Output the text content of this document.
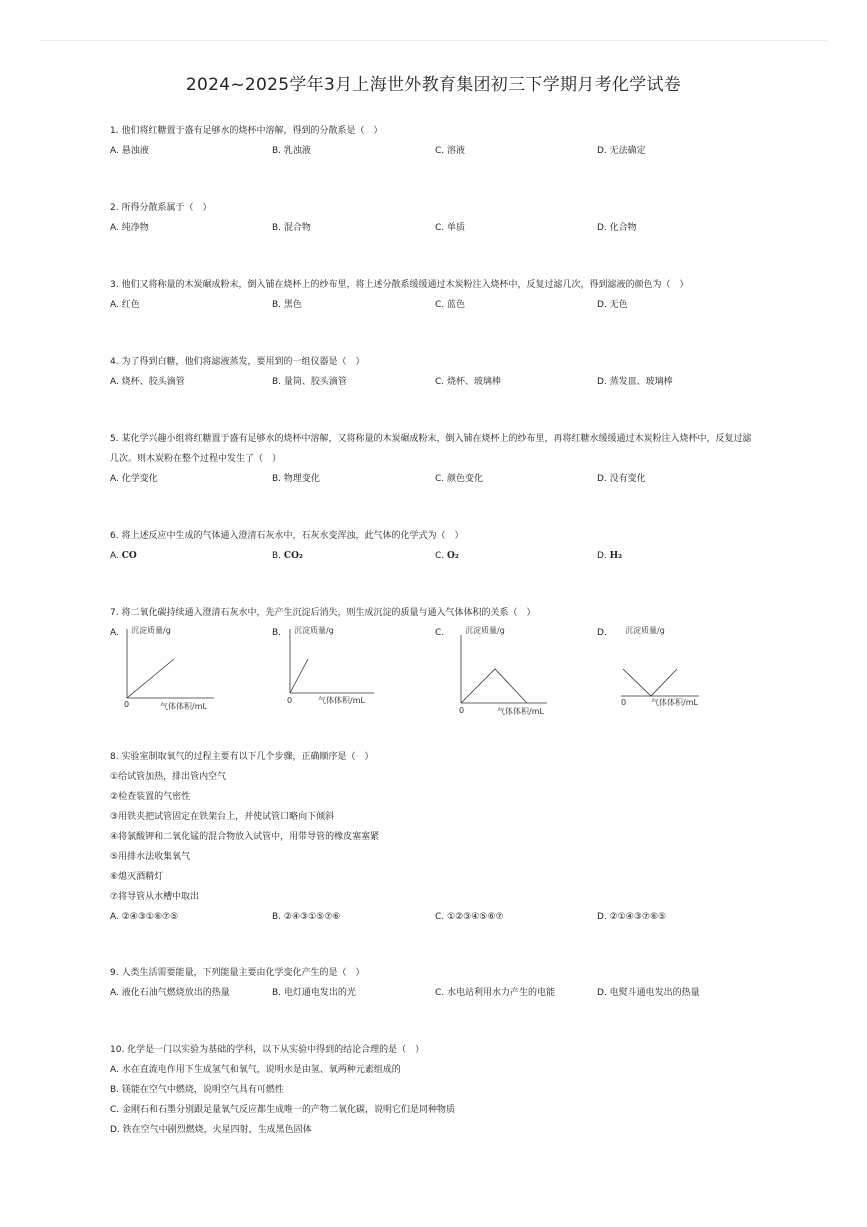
2024~2025学年3月上海世外教育集团初三下学期月考化学试卷
1. 他们将红糖置于盛有足够水的烧杯中溶解，得到的分散系是（　）
A. 悬浊液	B. 乳浊液	C. 溶液	D. 无法确定
2. 所得分散系属于（　）
A. 纯净物	B. 混合物	C. 单质	D. 化合物
3. 他们又将称量的木炭碾成粉末，倒入铺在烧杯上的纱布里，将上述分散系缓缓通过木炭粉注入烧杯中，反复过滤几次，得到滤液的颜色为（　）
A. 红色	B. 黑色	C. 蓝色	D. 无色
4. 为了得到白糖，他们将滤液蒸发，要用到的一组仪器是（　）
A. 烧杯、胶头滴管	B. 量筒、胶头滴管	C. 烧杯、玻璃棒	D. 蒸发皿、玻璃棒
5. 某化学兴趣小组将红糖置于盛有足够水的烧杯中溶解，又将称量的木炭碾成粉末，倒入铺在烧杯上的纱布里，再将红糖水缓缓通过木炭粉注入烧杯中，反复过滤几次。则木炭粉在整个过程中发生了（　）
A. 化学变化	B. 物理变化	C. 颜色变化	D. 没有变化
6. 将上述反应中生成的气体通入澄清石灰水中，石灰水变浑浊，此气体的化学式为（　）
A. CO	B. CO₂	C. O₂	D. H₂
7. 将二氧化碳持续通入澄清石灰水中，先产生沉淀后消失，则生成沉淀的质量与通入气体体积的关系（　）
A. 沉淀质量/g
0	气体体积/mL
B. 沉淀质量/g
0	气体体积/mL
C.	沉淀质量/g
0	气体体积/mL
D. 沉淀质量/g
0	气体体积/mL
8. 实验室制取氧气的过程主要有以下几个步骤，正确顺序是（　）
①给试管加热，排出管内空气
②检查装置的气密性
③用铁夹把试管固定在铁架台上，并使试管口略向下倾斜
④将氯酸钾和二氧化锰的混合物放入试管中，用带导管的橡皮塞塞紧
⑤用排水法收集氧气
⑥熄灭酒精灯
⑦将导管从水槽中取出
A. ②④③①⑥⑦⑤	B. ②④③①⑤⑦⑥	C. ①②③④⑤⑥⑦	D. ②①④③⑦⑥⑤
9. 人类生活需要能量，下列能量主要由化学变化产生的是（　）
A. 液化石油气燃烧放出的热量	B. 电灯通电发出的光	C. 水电站利用水力产生的电能	D. 电熨斗通电发出的热量
10. 化学是一门以实验为基础的学科，以下从实验中得到的结论合理的是（　）
A. 水在直流电作用下生成氢气和氧气，说明水是由氢、氧两种元素组成的
B. 镁能在空气中燃烧，说明空气具有可燃性
C. 金刚石和石墨分别跟足量氧气反应都生成唯一的产物二氧化碳，说明它们是同种物质
D. 铁在空气中剧烈燃烧，火星四射，生成黑色固体
